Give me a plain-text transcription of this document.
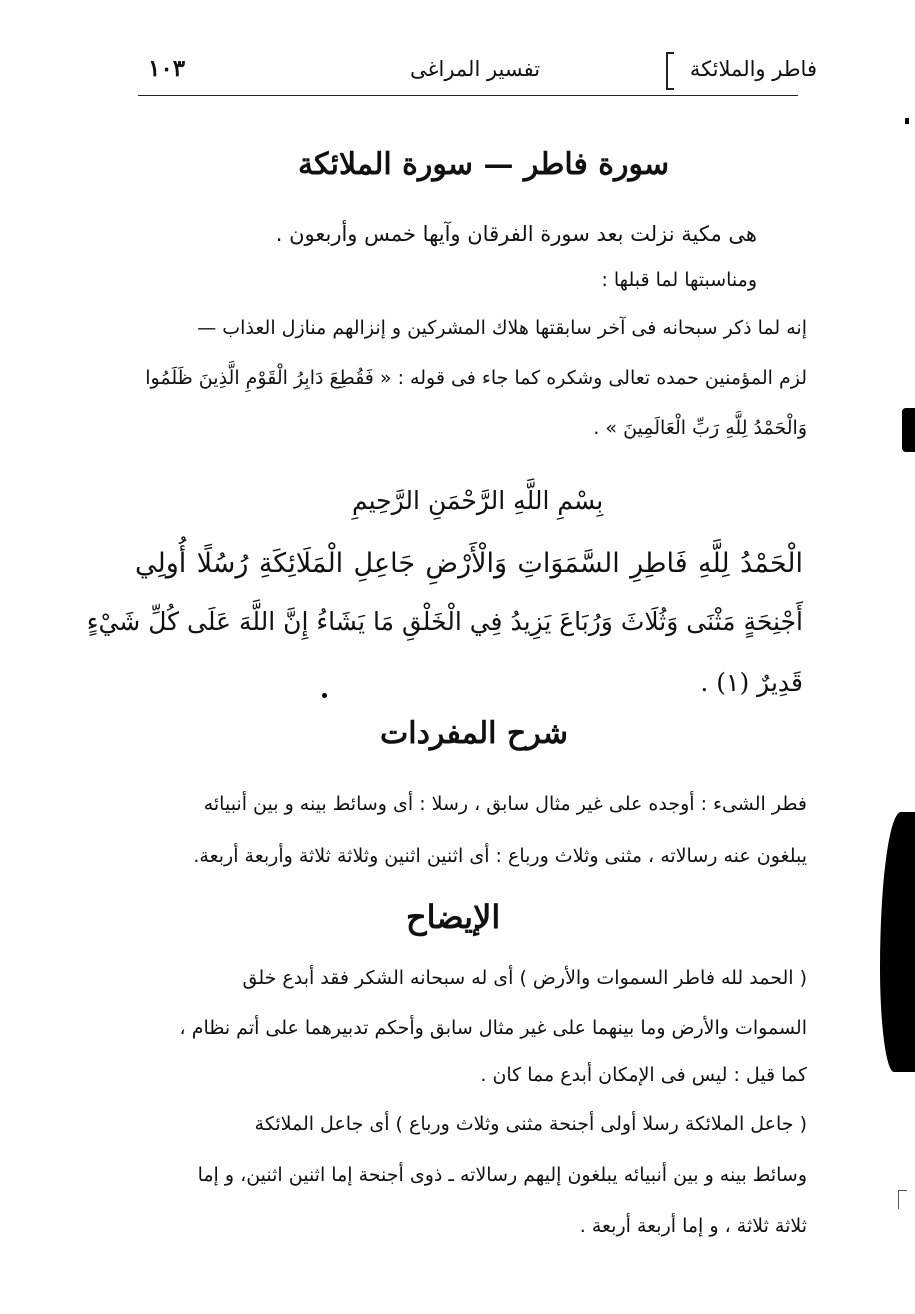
فاطر والملائكة
تفسير المراغى
١٠٣
سورة فاطر — سورة الملائكة
هى مكية نزلت بعد سورة الفرقان وآيها خمس وأربعون .
ومناسبتها لما قبلها :
إنه لما ذكر سبحانه فى آخر سابقتها هلاك المشركين و إنزالهم منازل العذاب —
لزم المؤمنين حمده تعالى وشكره كما جاء فى قوله : « فَقُطِعَ دَابِرُ الْقَوْمِ الَّذِينَ ظَلَمُوا
وَالْحَمْدُ لِلَّهِ رَبِّ الْعَالَمِينَ » .
بِسْمِ اللَّهِ الرَّحْمَنِ الرَّحِيمِ
الْحَمْدُ لِلَّهِ فَاطِرِ السَّمَوَاتِ وَالْأَرْضِ جَاعِلِ الْمَلَائِكَةِ رُسُلًا أُولِي
أَجْنِحَةٍ مَثْنَى وَثُلَاثَ وَرُبَاعَ يَزِيدُ فِي الْخَلْقِ مَا يَشَاءُ إِنَّ اللَّهَ عَلَى كُلِّ شَيْءٍ
قَدِيرٌ (١) .
شرح المفردات
فطر الشىء : أوجده على غير مثال سابق ، رسلا : أى وسائط بينه و بين أنبيائه
يبلغون عنه رسالاته ، مثنى وثلاث ورباع : أى اثنين اثنين وثلاثة ثلاثة وأربعة أربعة.
الإيضاح
( الحمد لله فاطر السموات والأرض ) أى له سبحانه الشكر فقد أبدع خلق
السموات والأرض وما بينهما على غير مثال سابق وأحكم تدبيرهما على أتم نظام ،
كما قيل : ليس فى الإمكان أبدع مما كان .
( جاعل الملائكة رسلا أولى أجنحة مثنى وثلاث ورباع ) أى جاعل الملائكة
وسائط بينه و بين أنبيائه يبلغون إليهم رسالاته ـ ذوى أجنحة إما اثنين اثنين، و إما
ثلاثة ثلاثة ، و إما أربعة أربعة .
